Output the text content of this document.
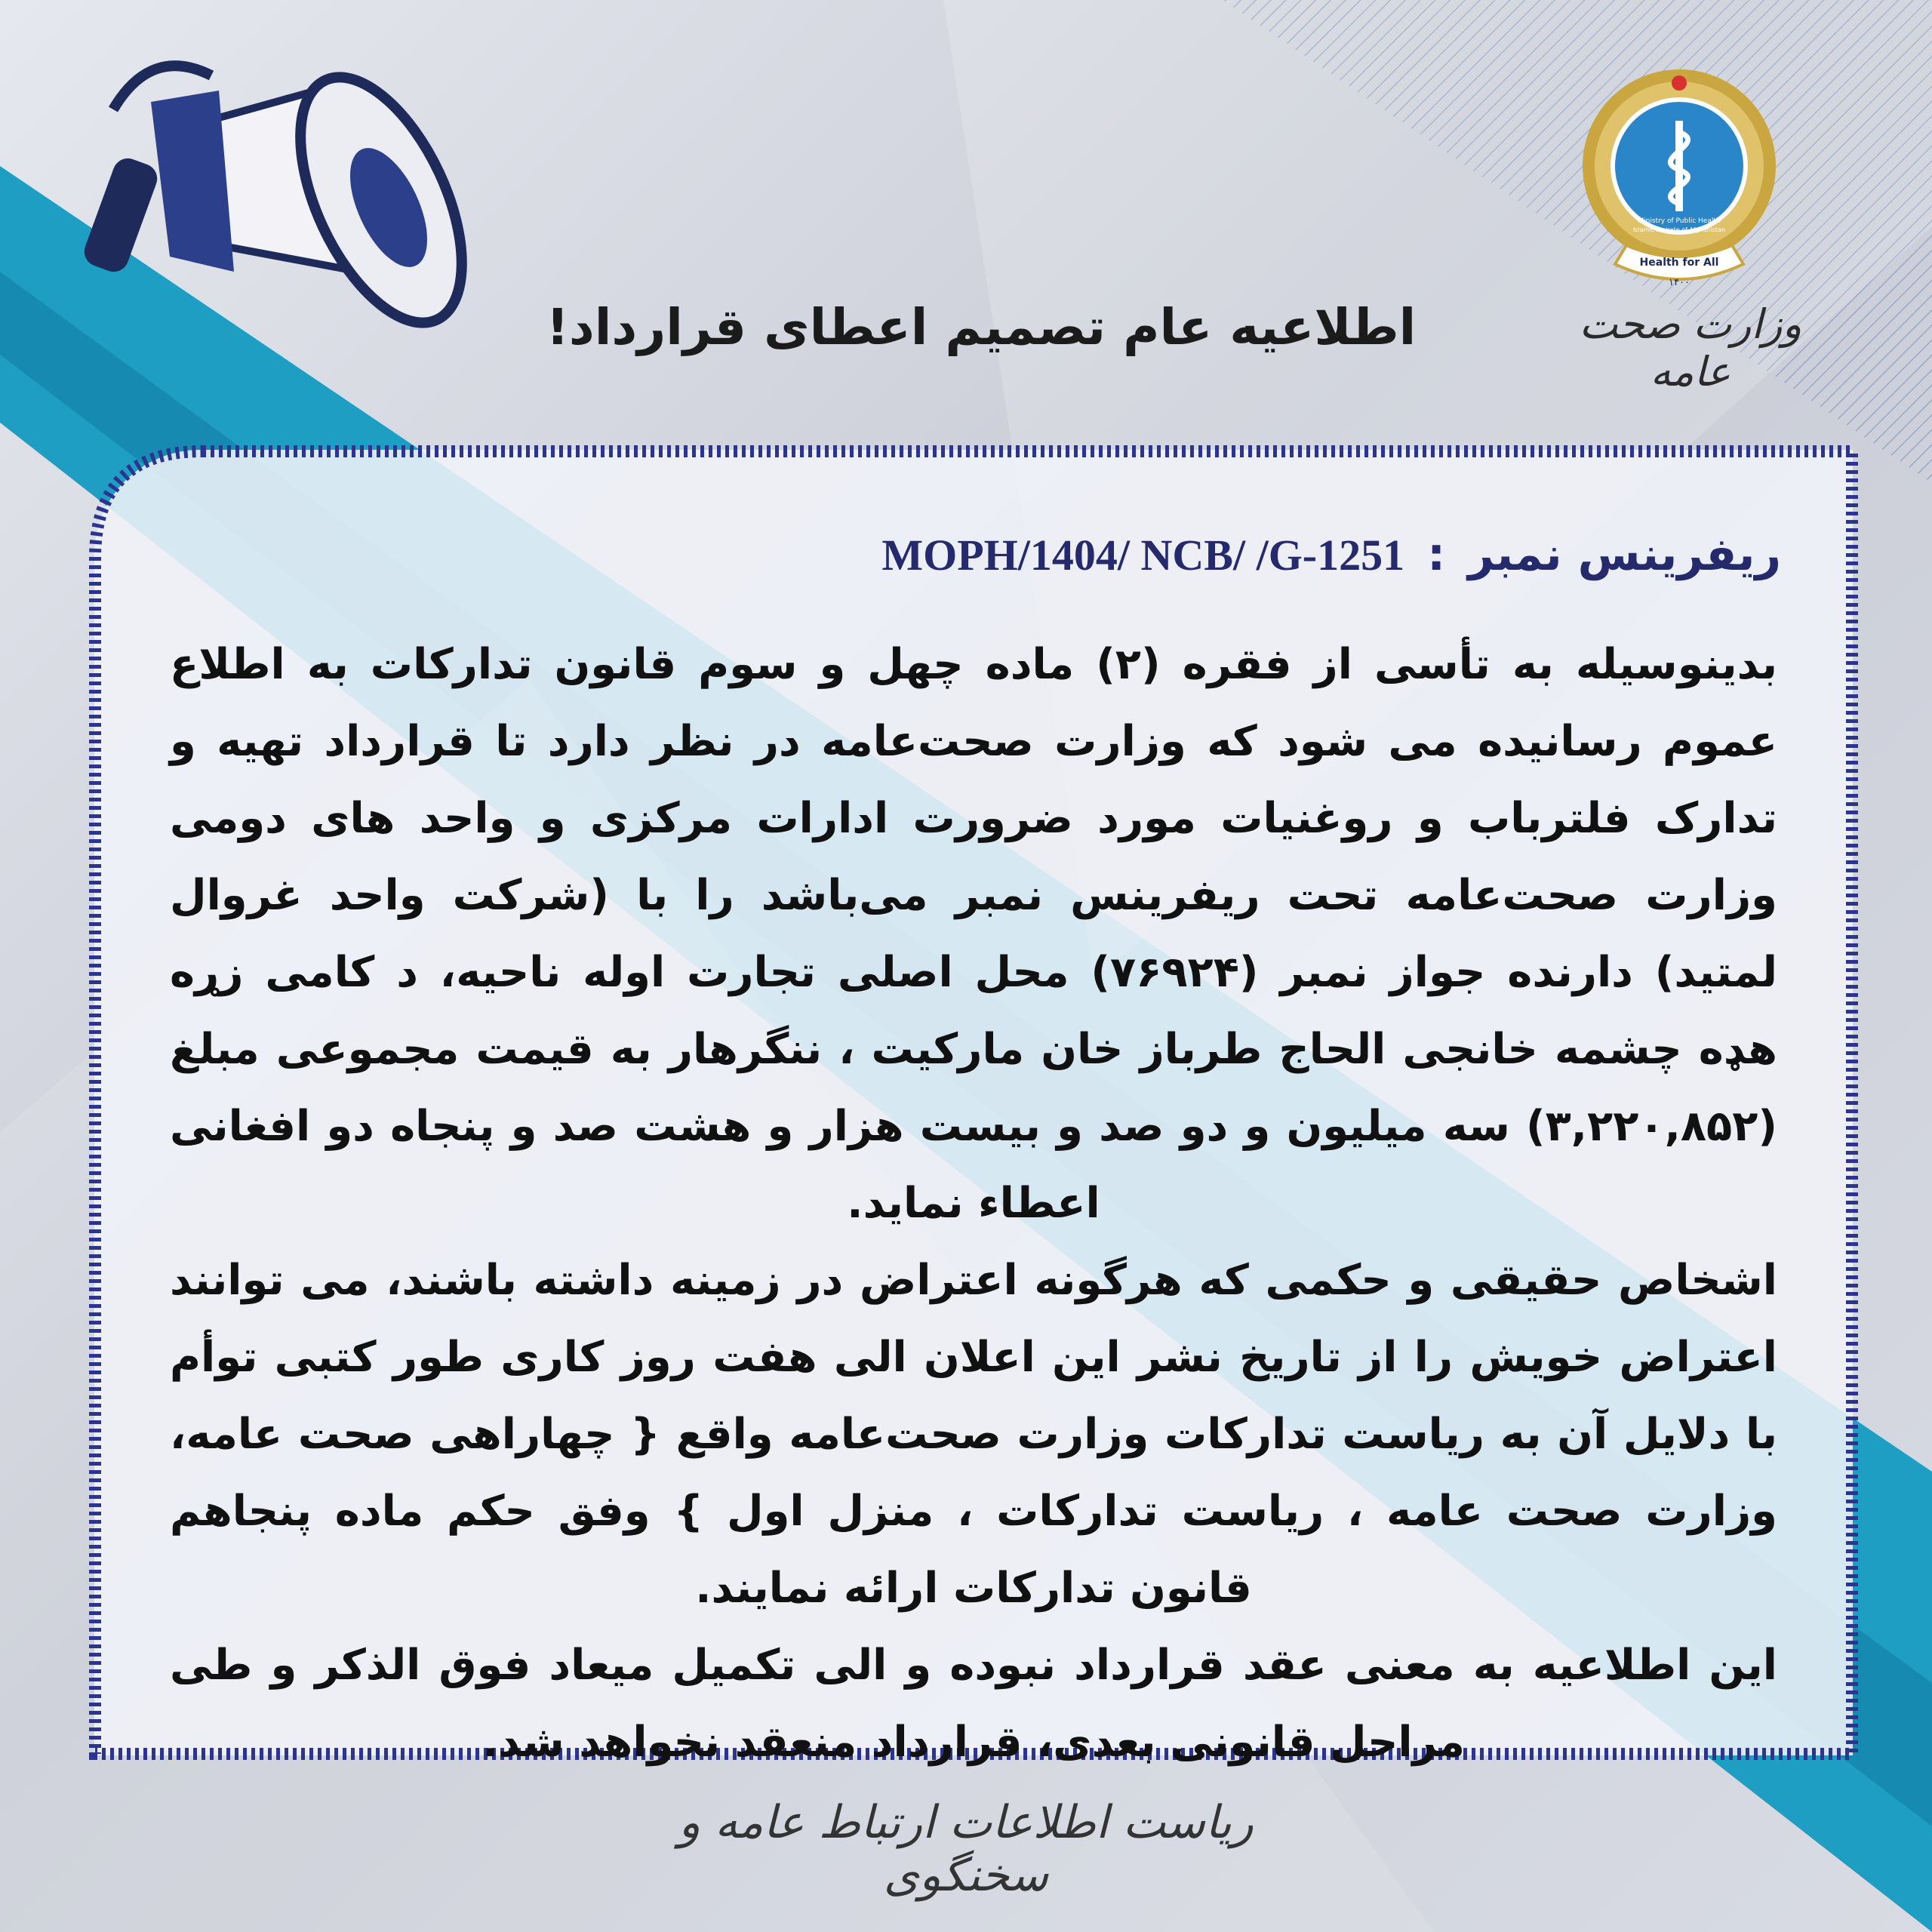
Health for All
۱۴۰۰
Ministry of Public Health
Islamic Emirate of Afghanistan
وزارت صحت عامه
اطلاعیه عام تصمیم اعطای قرارداد!
ریفرینس نمبر:MOPH/1404/ NCB/ /G-1251

بدینوسیله به تأسی از فقره (۲) ماده چهل و سوم قانون تدارکات به اطلاع عموم رسانیده می شود که وزارت صحت‌عامه در نظر دارد تا قرارداد تهیه و تدارک فلترباب و روغنیات مورد ضرورت ادارات مرکزی و واحد های دومی وزارت صحت‌عامه تحت ریفرینس نمبر می‌باشد را با (شرکت واحد غروال لمتید) دارنده جواز نمبر (۷۶۹۲۴) محل اصلی تجارت اوله ناحیه، د کامی زړه هډه چشمه خانجی الحاج طرباز خان مارکیت ، ننگرهار به قیمت مجموعی مبلغ (۳,۲۲۰,۸۵۲) سه میلیون و دو صد و بیست هزار و هشت صد و پنجاه دو افغانی اعطاء نماید.

اشخاص حقیقی و حکمی که هرگونه اعتراض در زمینه داشته باشند، می توانند اعتراض خویش را از تاریخ نشر این اعلان الی هفت روز کاری طور کتبی توأم با دلایل آن به ریاست تدارکات وزارت صحت‌عامه واقع { چهاراهی صحت عامه، وزارت صحت عامه ، ریاست تدارکات ، منزل اول } وفق حکم ماده پنجاهم قانون تدارکات ارائه نمایند.

این اطلاعیه به معنی عقد قرارداد نبوده و الی تکمیل میعاد فوق الذکر و طی مراحل قانونی بعدی، قرارداد منعقد نخواهد شد.

ریاست اطلاعات ارتباط عامه و سخنگوی
